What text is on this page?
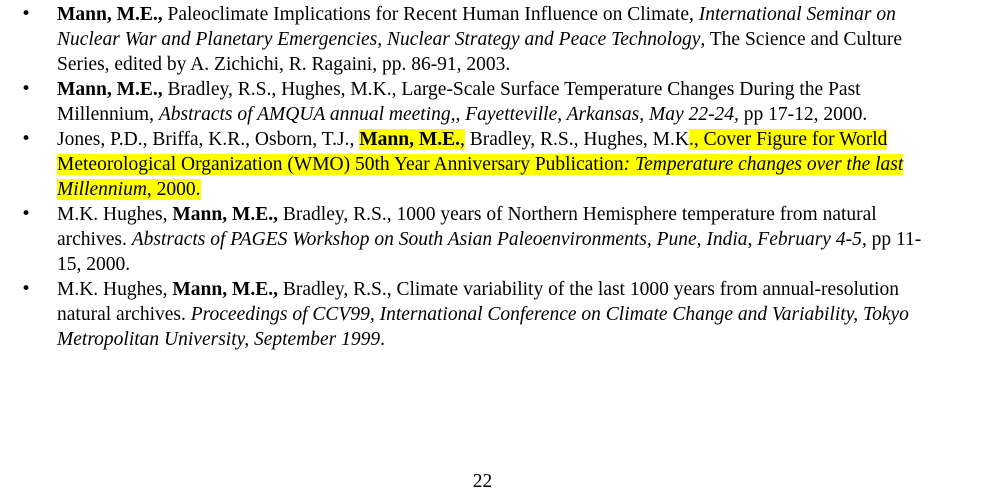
• Mann, M.E., Paleoclimate Implications for Recent Human Influence on Climate, International Seminar on Nuclear War and Planetary Emergencies, Nuclear Strategy and Peace Technology, The Science and Culture Series, edited by A. Zichichi, R. Ragaini, pp. 86-91, 2003.
• Mann, M.E., Bradley, R.S., Hughes, M.K., Large-Scale Surface Temperature Changes During the Past Millennium, Abstracts of AMQUA annual meeting,, Fayetteville, Arkansas, May 22-24, pp 17-12, 2000.
• Jones, P.D., Briffa, K.R., Osborn, T.J., Mann, M.E., Bradley, R.S., Hughes, M.K., Cover Figure for World Meteorological Organization (WMO) 50th Year Anniversary Publication: Temperature changes over the last Millennium, 2000.
• M.K. Hughes, Mann, M.E., Bradley, R.S., 1000 years of Northern Hemisphere temperature from natural archives. Abstracts of PAGES Workshop on South Asian Paleoenvironments, Pune, India, February 4-5, pp 11-15, 2000.
• M.K. Hughes, Mann, M.E., Bradley, R.S., Climate variability of the last 1000 years from annual-resolution natural archives. Proceedings of CCV99, International Conference on Climate Change and Variability, Tokyo Metropolitan University, September 1999.
22
